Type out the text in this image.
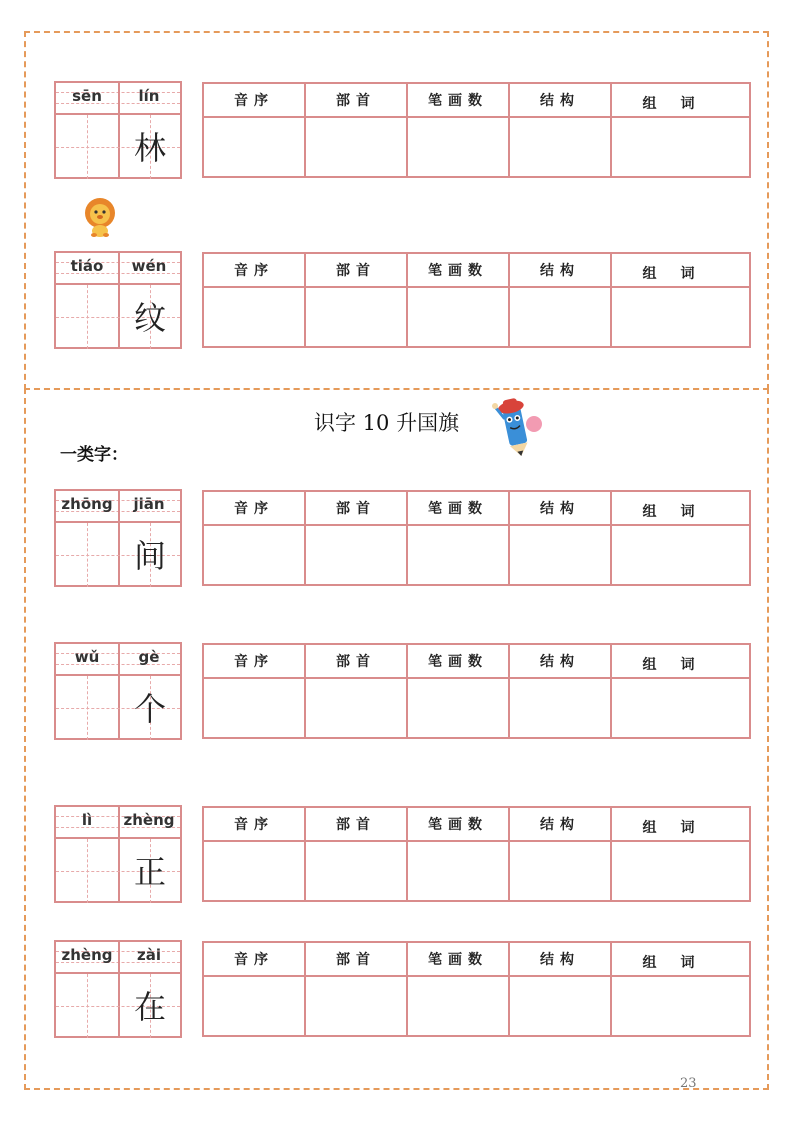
识字 10 升国旗
一类字：
23
sēn	lín
林
音序	部首	笔画数	结构	组词
tiáo	wén
纹
音序	部首	笔画数	结构	组词
zhōng	jiān
间
音序	部首	笔画数	结构	组词
wǔ	gè
个
音序	部首	笔画数	结构	组词
lì	zhèng
正
音序	部首	笔画数	结构	组词
zhèng	zài
在
音序	部首	笔画数	结构	组词
